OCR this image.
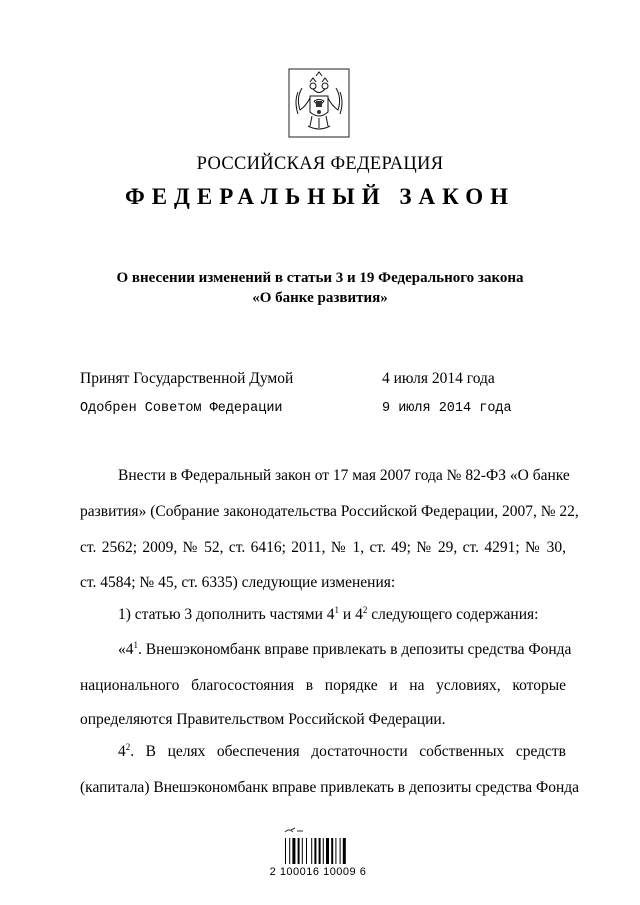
РОССИЙСКАЯ ФЕДЕРАЦИЯ
ФЕДЕРАЛЬНЫЙ ЗАКОН
О внесении изменений в статьи 3 и 19 Федерального закона
«О банке развития»
Принят Государственной Думой	4 июля 2014 года
Одобрен Советом Федерации	9 июля 2014 года
Внести в Федеральный закон от 17 мая 2007 года № 82-ФЗ «О банке
развития» (Собрание законодательства Российской Федерации, 2007, № 22,
ст. 2562; 2009, № 52, ст. 6416; 2011, № 1, ст. 49; № 29, ст. 4291; № 30,
ст. 4584; № 45, ст. 6335) следующие изменения:
1) статью 3 дополнить частями $4^1$ и $4^2$ следующего содержания:
«$4^1$. Внешэкономбанк вправе привлекать в депозиты средства Фонда
национального благосостояния в порядке и на условиях, которые
определяются Правительством Российской Федерации.
$4^2$. В целях обеспечения достаточности собственных средств
(капитала) Внешэкономбанк вправе привлекать в депозиты средства Фонда
2 100016 10009 6
